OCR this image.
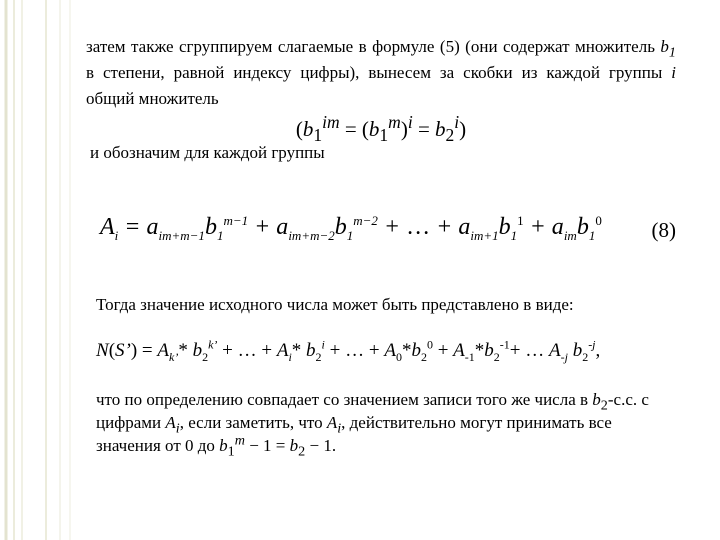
затем также сгруппируем слагаемые в формуле (5) (они содержат множитель $b_1$ в степени, равной индексу цифры), вынесем за скобки из каждой группы i общий множитель

$(b_1^{im} = (b_1^m)^i = b_2^i)$

и обозначим для каждой группы

$A_i = a_{im+m-1}b_1^{m-1} + a_{im+m-2}b_1^{m-2}$ + … + $a_{im+1}b_1^1 + a_{im}b_1^0$ (8)

Тогда значение исходного числа может быть представлено в виде:

N(S’) = $A_{k’}*$ $b_2^{k’}$ + … + $A_i*$ $b_2^i$ + … + $A_0*b_2^0 + A_{-1}*b_2^{-1}+$ … $A_{-j}$ $b_2^{-j}$,

что по определению совпадает со значением записи того же числа в $b_2-с.с$. с цифрами $A_i$, если заметить, что $A_i$, действительно могут принимать все значения от 0 до $b_1^m - 1 = b_2 - 1$.
